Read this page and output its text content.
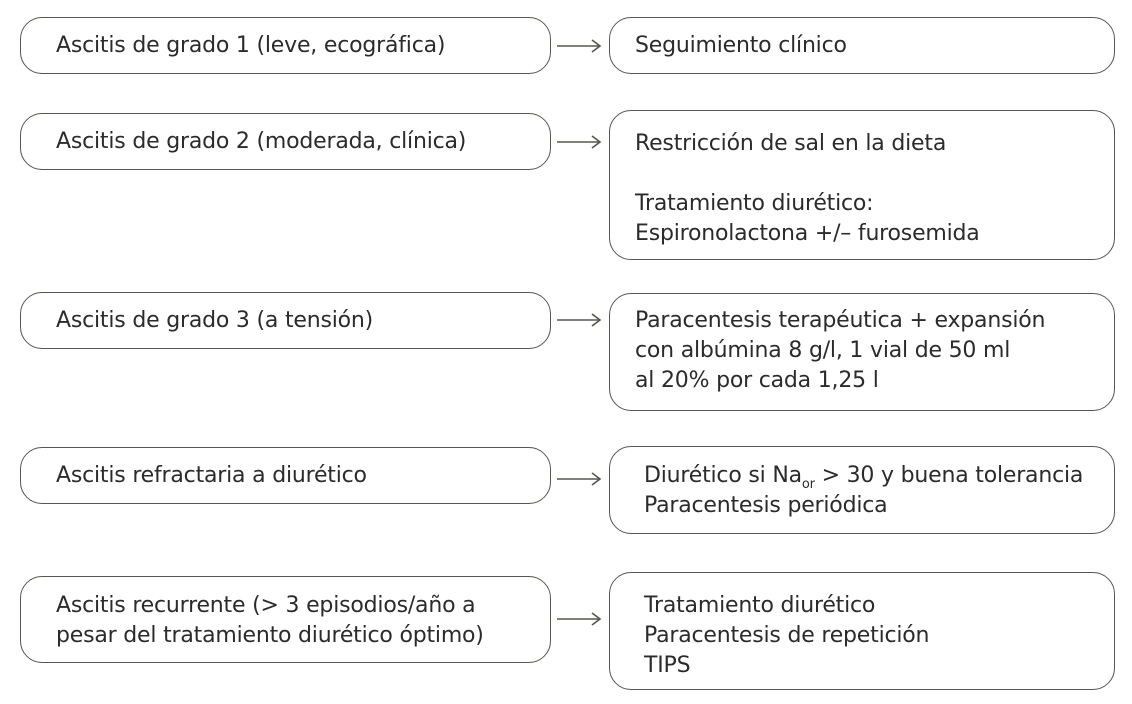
Ascitis de grado 1 (leve, ecográfica)	Seguimiento clínico
Ascitis de grado 2 (moderada, clínica)	Restricción de sal en la dieta
Tratamiento diurético:
Espironolactona +/– furosemida
Ascitis de grado 3 (a tensión)	Paracentesis terapéutica + expansión
con albúmina 8 g/l, 1 vial de 50 ml
al 20% por cada 1,25 l
Ascitis refractaria a diurético	Diurético si $Na_{or} > 30$ y buena tolerancia
Paracentesis periódica
Ascitis recurrente (> 3 episodios/año a
pesar del tratamiento diurético óptimo)
Tratamiento diurético
Paracentesis de repetición
TIPS
